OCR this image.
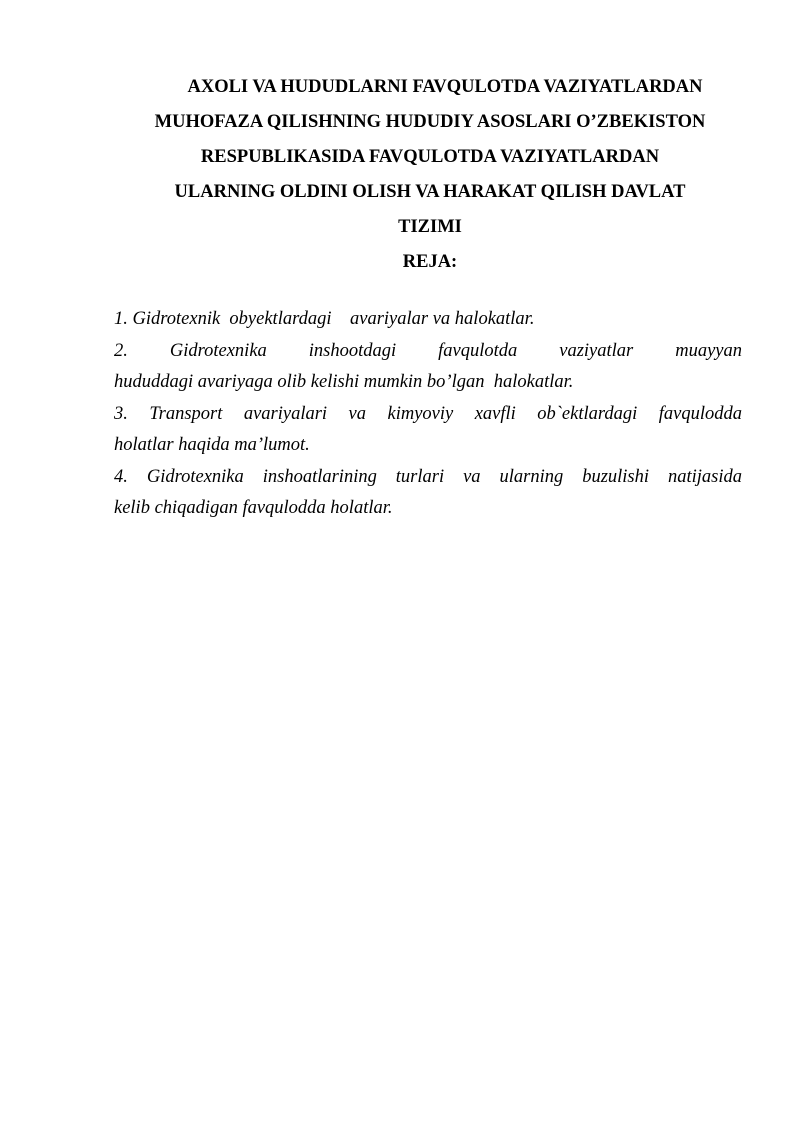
AXOLI VA HUDUDLARNI FAVQULOTDA VAZIYATLARDAN
MUHOFAZA QILISHNING HUDUDIY ASOSLARI O’ZBEKISTON
RESPUBLIKASIDA FAVQULOTDA VAZIYATLARDAN
ULARNING OLDINI OLISH VA HARAKAT QILISH DAVLAT
TIZIMI
REJA:
1. Gidrotexnik  obyektlardagi    avariyalar va halokatlar.
2. Gidrotexnika inshootdagi favqulotda vaziyatlar muayyan
hududdagi avariyaga olib kelishi mumkin bo’lgan  halokatlar.
3. Transport avariyalari va kimyoviy xavfli ob`ektlardagi favqulodda
holatlar haqida ma’lumot.
4. Gidrotexnika inshoatlarining turlari va ularning buzulishi natijasida
kelib chiqadigan favqulodda holatlar.
